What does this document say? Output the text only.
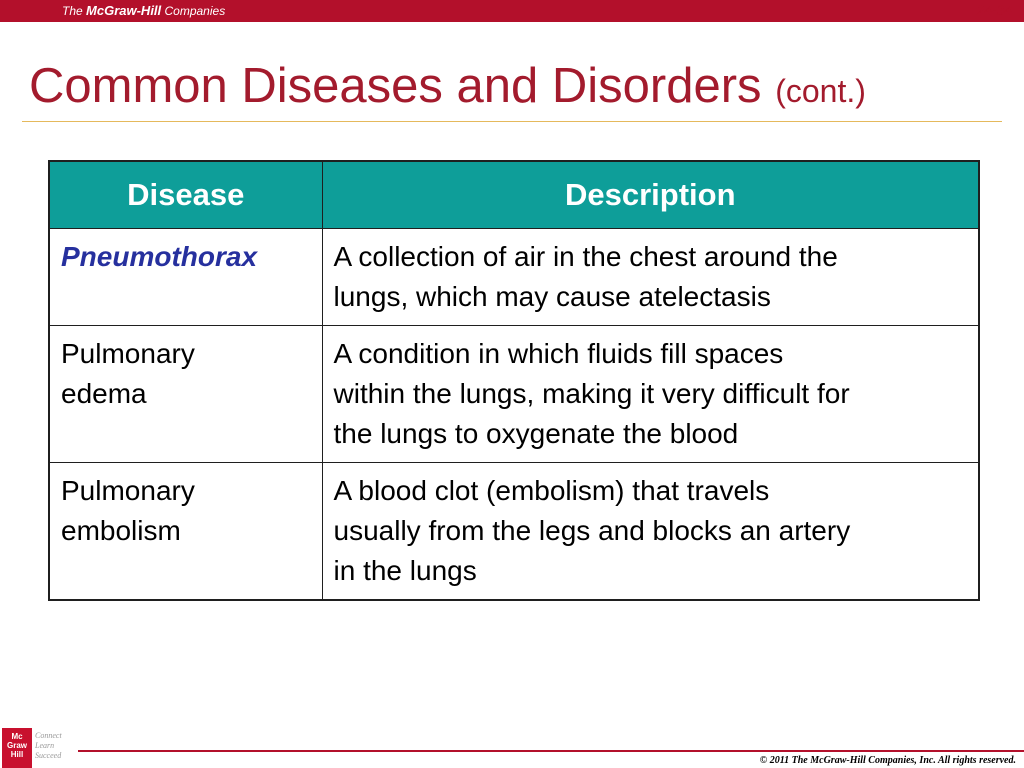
The McGraw-Hill Companies	24-34
Common Diseases and Disorders (cont.)
Disease	Description
Pneumothorax	A collection of air in the chest around the
lungs, which may cause atelectasis
Pulmonary
edema	A condition in which fluids fill spaces
within the lungs, making it very difficult for
the lungs to oxygenate the blood
Pulmonary
embolism	A blood clot (embolism) that travels
usually from the legs and blocks an artery
in the lungs
Mc
Graw
Hill
Connect
Learn
Succeed	© 2011 The McGraw-Hill Companies, Inc. All rights reserved.
